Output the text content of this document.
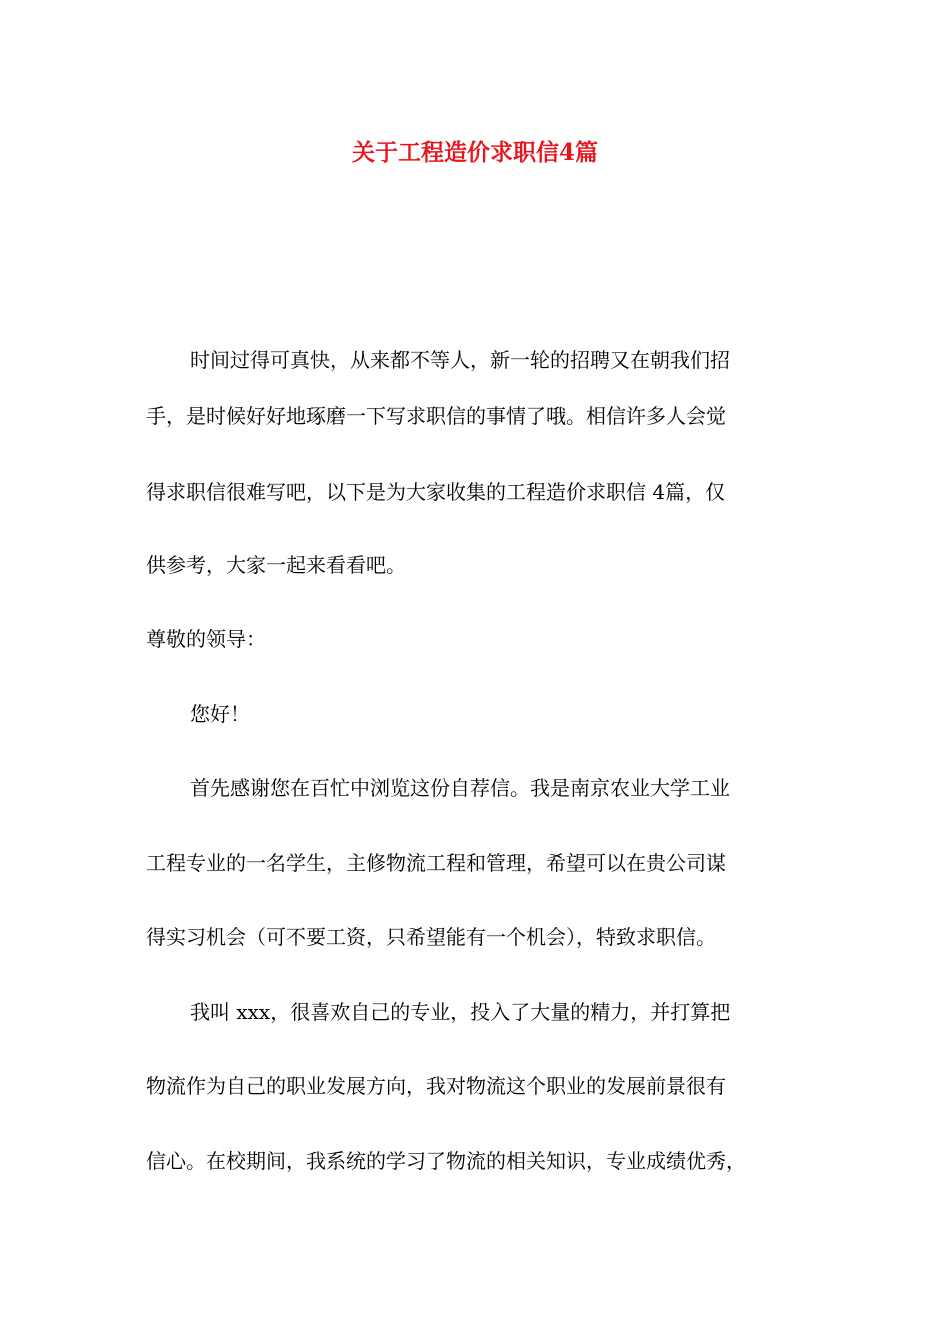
关于工程造价求职信4篇

时间过得可真快，从来都不等人，新一轮的招聘又在朝我们招

手，是时候好好地琢磨一下写求职信的事情了哦。相信许多人会觉

得求职信很难写吧，以下是为大家收集的工程造价求职信 4篇，仅

供参考，大家一起来看看吧。

尊敬的领导：

您好！

首先感谢您在百忙中浏览这份自荐信。我是南京农业大学工业

工程专业的一名学生，主修物流工程和管理，希望可以在贵公司谋

得实习机会（可不要工资，只希望能有一个机会），特致求职信。

我叫 xxx，很喜欢自己的专业，投入了大量的精力，并打算把

物流作为自己的职业发展方向，我对物流这个职业的发展前景很有

信心。在校期间，我系统的学习了物流的相关知识，专业成绩优秀，
